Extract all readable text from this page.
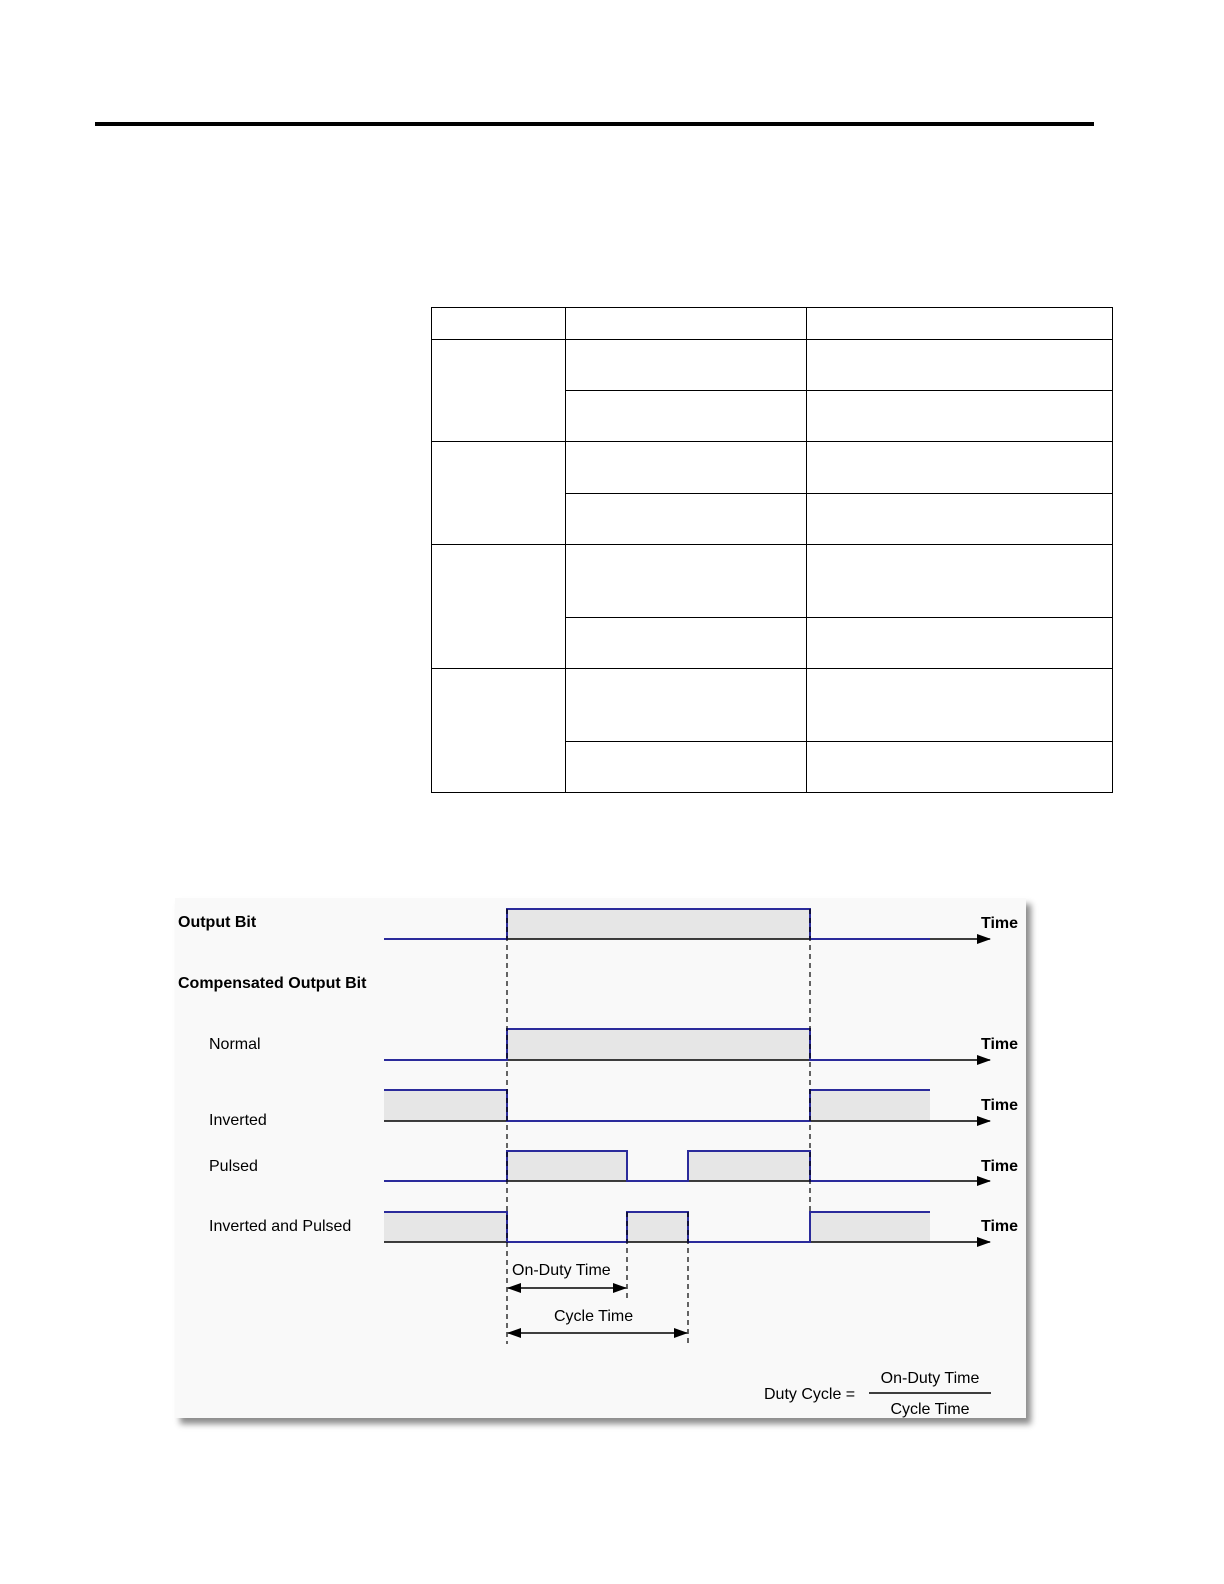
Output Bit
Compensated Output Bit
Normal
Inverted
Pulsed
Inverted and Pulsed
Time
Time
Time
Time
Time
On-Duty Time
Cycle Time
Duty Cycle =
On-Duty Time
Cycle Time
